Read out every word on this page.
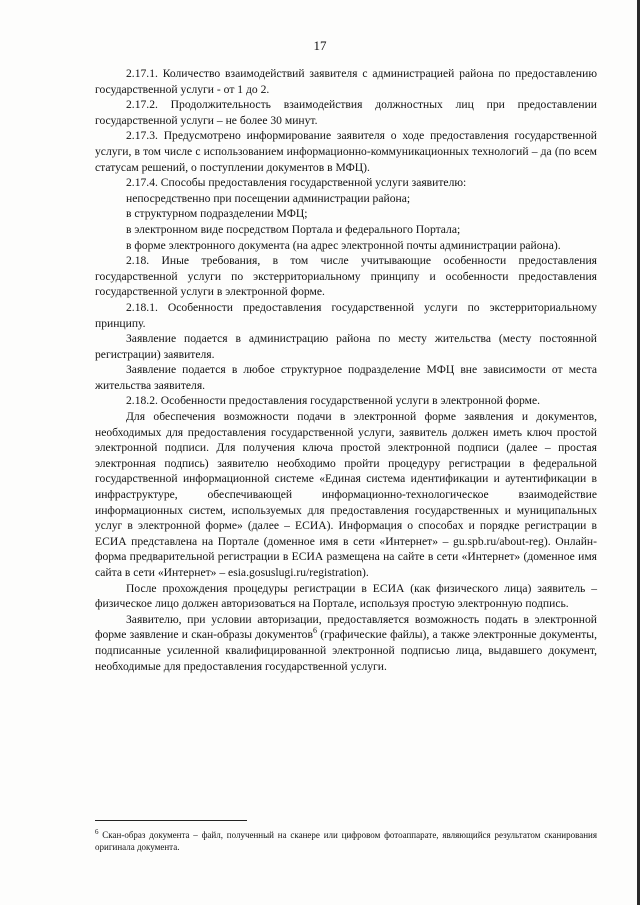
17

2.17.1. Количество взаимодействий заявителя с администрацией района по предоставлению государственной услуги - от 1 до 2.

2.17.2. Продолжительность взаимодействия должностных лиц при предоставлении государственной услуги – не более 30 минут.

2.17.3. Предусмотрено информирование заявителя о ходе предоставления государственной услуги, в том числе с использованием информационно-коммуникационных технологий – да (по всем статусам решений, о поступлении документов в МФЦ).

2.17.4. Способы предоставления государственной услуги заявителю:

непосредственно при посещении администрации района;

в структурном подразделении МФЦ;

в электронном виде посредством Портала и федерального Портала;

в форме электронного документа (на адрес электронной почты администрации района).

2.18. Иные требования, в том числе учитывающие особенности предоставления государственной услуги по экстерриториальному принципу и особенности предоставления государственной услуги в электронной форме.

2.18.1. Особенности предоставления государственной услуги по экстерриториальному принципу.

Заявление подается в администрацию района по месту жительства (месту постоянной регистрации) заявителя.

Заявление подается в любое структурное подразделение МФЦ вне зависимости от места жительства заявителя.

2.18.2. Особенности предоставления государственной услуги в электронной форме.

Для обеспечения возможности подачи в электронной форме заявления и документов, необходимых для предоставления государственной услуги, заявитель должен иметь ключ простой электронной подписи. Для получения ключа простой электронной подписи (далее – простая электронная подпись) заявителю необходимо пройти процедуру регистрации в федеральной государственной информационной системе «Единая система идентификации и аутентификации в инфраструктуре, обеспечивающей информационно-технологическое взаимодействие информационных систем, используемых для предоставления государственных и муниципальных услуг в электронной форме» (далее – ЕСИА). Информация о способах и порядке регистрации в ЕСИА представлена на Портале (доменное имя в сети «Интернет» – gu.spb.ru/about-reg). Онлайн-форма предварительной регистрации в ЕСИА размещена на сайте в сети «Интернет» (доменное имя сайта в сети «Интернет» – esia.gosuslugi.ru/registration).

После прохождения процедуры регистрации в ЕСИА (как физического лица) заявитель – физическое лицо должен авторизоваться на Портале, используя простую электронную подпись.

Заявителю, при условии авторизации, предоставляется возможность подать в электронной форме заявление и скан-образы документов$^6$ (графические файлы), а также электронные документы, подписанные усиленной квалифицированной электронной подписью лица, выдавшего документ, необходимые для предоставления государственной услуги.

$^6$ Скан-образ документа – файл, полученный на сканере или цифровом фотоаппарате, являющийся результатом сканирования оригинала документа.
